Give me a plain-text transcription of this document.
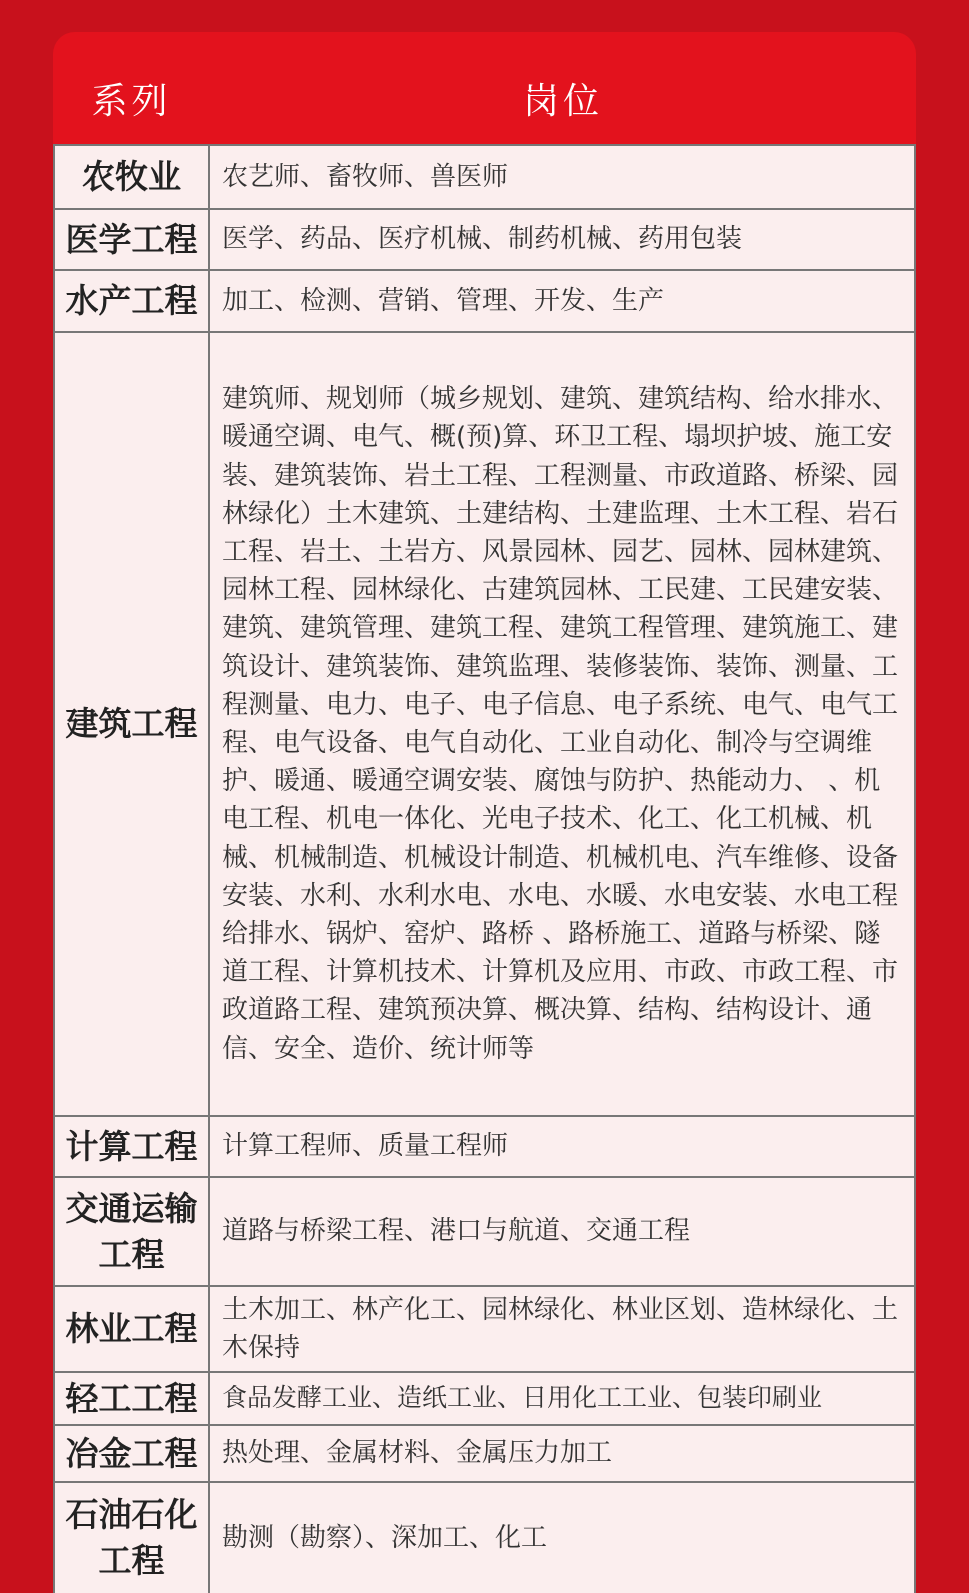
系列	岗位
农牧业	农艺师、畜牧师、兽医师
医学工程 医学、药品、医疗机械、制药机械、药用包装
水产工程 加工、检测、营销、管理、开发、生产
建筑工程
建筑师、规划师（城乡规划、建筑、建筑结构、给水排水、暖通空调、电气、概(预)算、环卫工程、塌坝护坡、施工安装、建筑装饰、岩土工程、工程测量、市政道路、桥梁、园林绿化）土木建筑、土建结构、土建监理、土木工程、岩石工程、岩土、土岩方、风景园林、园艺、园林、园林建筑、园林工程、园林绿化、古建筑园林、工民建、工民建安装、建筑、建筑管理、建筑工程、建筑工程管理、建筑施工、建筑设计、建筑装饰、建筑监理、装修装饰、装饰、测量、工程测量、电力、电子、电子信息、电子系统、电气、电气工程、电气设备、电气自动化、工业自动化、制冷与空调维护、暖通、暖通空调安装、腐蚀与防护、热能动力、 、机电工程、机电一体化、光电子技术、化工、化工机械、机械、机械制造、机械设计制造、机械机电、汽车维修、设备安装、水利、水利水电、水电、水暖、水电安装、水电工程给排水、锅炉、窑炉、路桥 、路桥施工、道路与桥梁、隧道工程、计算机技术、计算机及应用、市政、市政工程、市政道路工程、建筑预决算、概决算、结构、结构设计、通信、安全、造价、统计师等
计算工程 计算工程师、质量工程师
交通运输工程
道路与桥梁工程、港口与航道、交通工程
林业工程 土木加工、林产化工、园林绿化、林业区划、造林绿化、土木保持
轻工工程 食品发酵工业、造纸工业、日用化工工业、包装印刷业
冶金工程 热处理、金属材料、金属压力加工
石油石化工程
勘测（勘察）、深加工、化工
